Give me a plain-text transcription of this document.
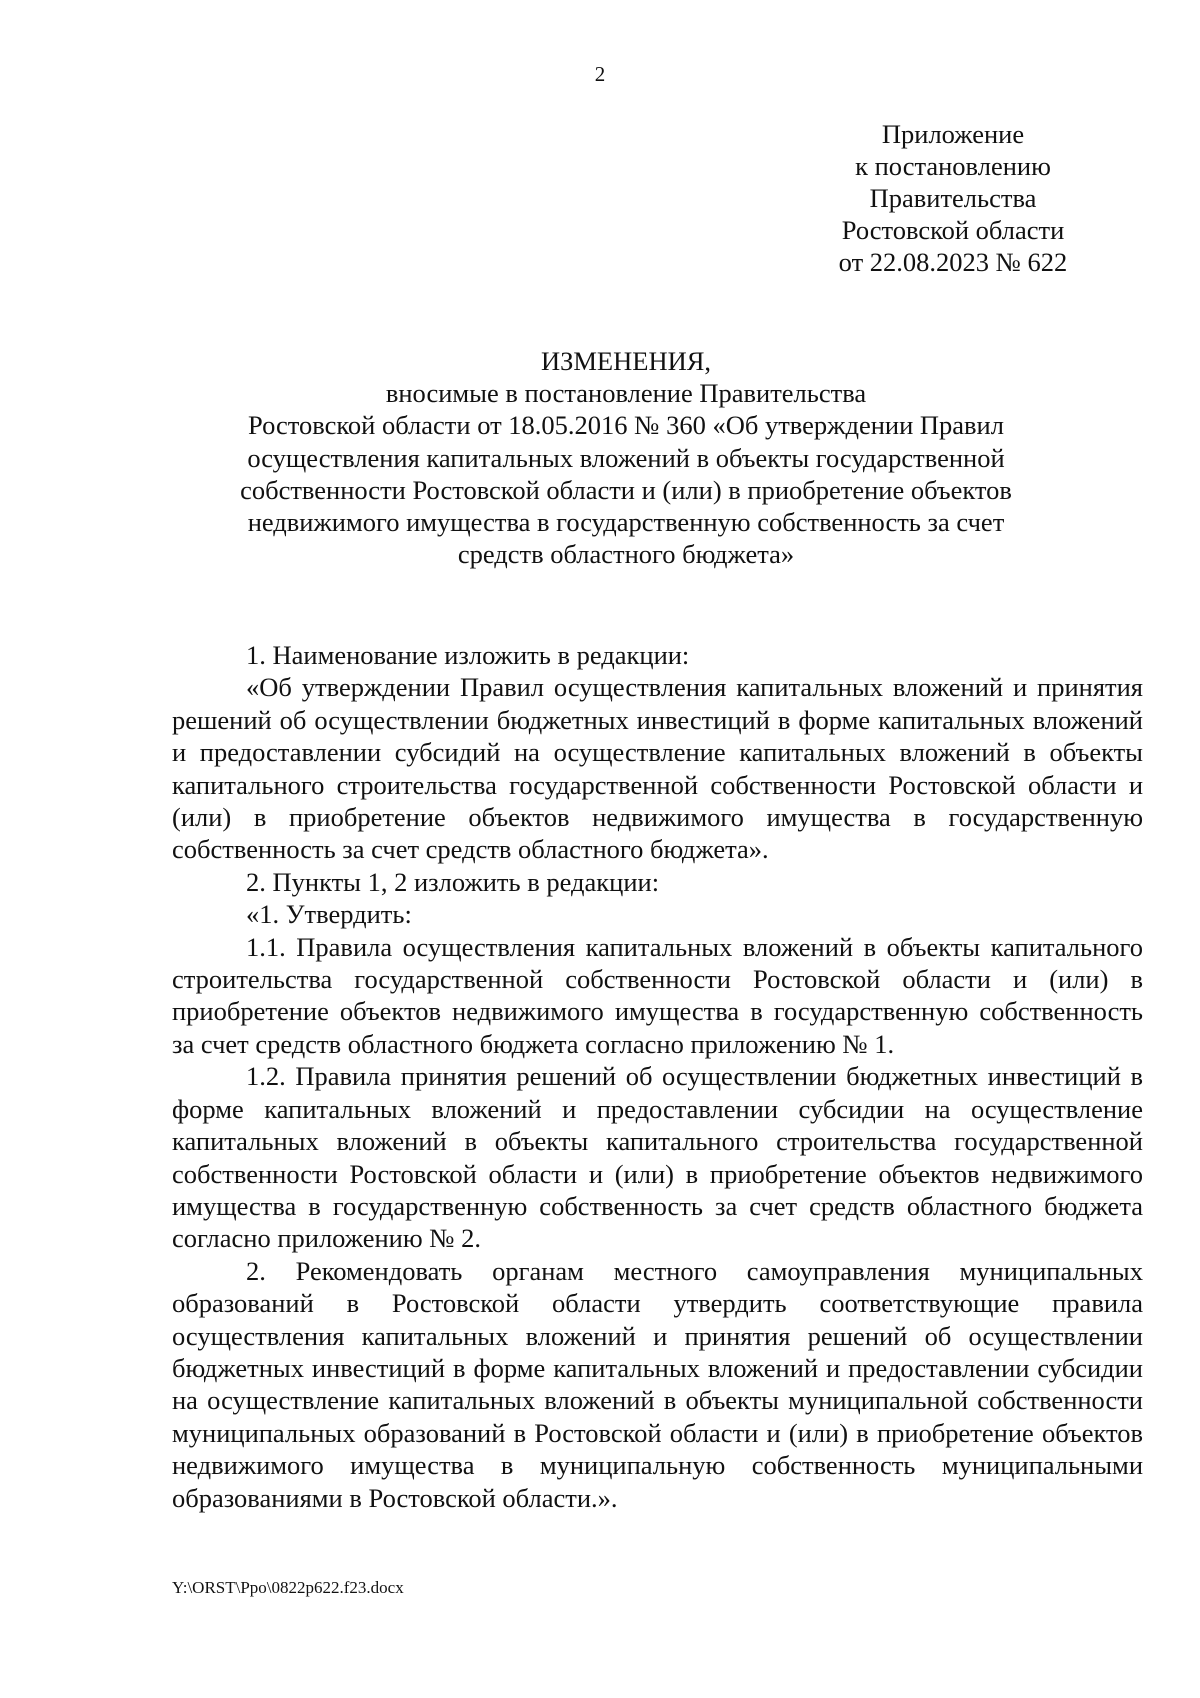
2
Приложение
к постановлению
Правительства
Ростовской области
от 22.08.2023 № 622
ИЗМЕНЕНИЯ,
вносимые в постановление Правительства
Ростовской области от 18.05.2016 № 360 «Об утверждении Правил
осуществления капитальных вложений в объекты государственной
собственности Ростовской области и (или) в приобретение объектов
недвижимого имущества в государственную собственность за счет
средств областного бюджета»

1. Наименование изложить в редакции:

«Об утверждении Правил осуществления капитальных вложений и принятия решений об осуществлении бюджетных инвестиций в форме капитальных вложений и предоставлении субсидий на осуществление капитальных вложений в объекты капитального строительства государственной собственности Ростовской области и (или) в приобретение объектов недвижимого имущества в государственную собственность за счет средств областного бюджета».

2. Пункты 1, 2 изложить в редакции:

«1. Утвердить:

1.1. Правила осуществления капитальных вложений в объекты капитального строительства государственной собственности Ростовской области и (или) в приобретение объектов недвижимого имущества в государственную собственность за счет средств областного бюджета согласно приложению № 1.

1.2. Правила принятия решений об осуществлении бюджетных инвестиций в форме капитальных вложений и предоставлении субсидии на осуществление капитальных вложений в объекты капитального строительства государственной собственности Ростовской области и (или) в приобретение объектов недвижимого имущества в государственную собственность за счет средств областного бюджета согласно приложению № 2.

2. Рекомендовать органам местного самоуправления муниципальных образований в Ростовской области утвердить соответствующие правила осуществления капитальных вложений и принятия решений об осуществлении бюджетных инвестиций в форме капитальных вложений и предоставлении субсидии на осуществление капитальных вложений в объекты муниципальной собственности муниципальных образований в Ростовской области и (или) в приобретение объектов недвижимого имущества в муниципальную собственность муниципальными образованиями в Ростовской области.».

Y:\ORST\Ppo\0822p622.f23.docx
